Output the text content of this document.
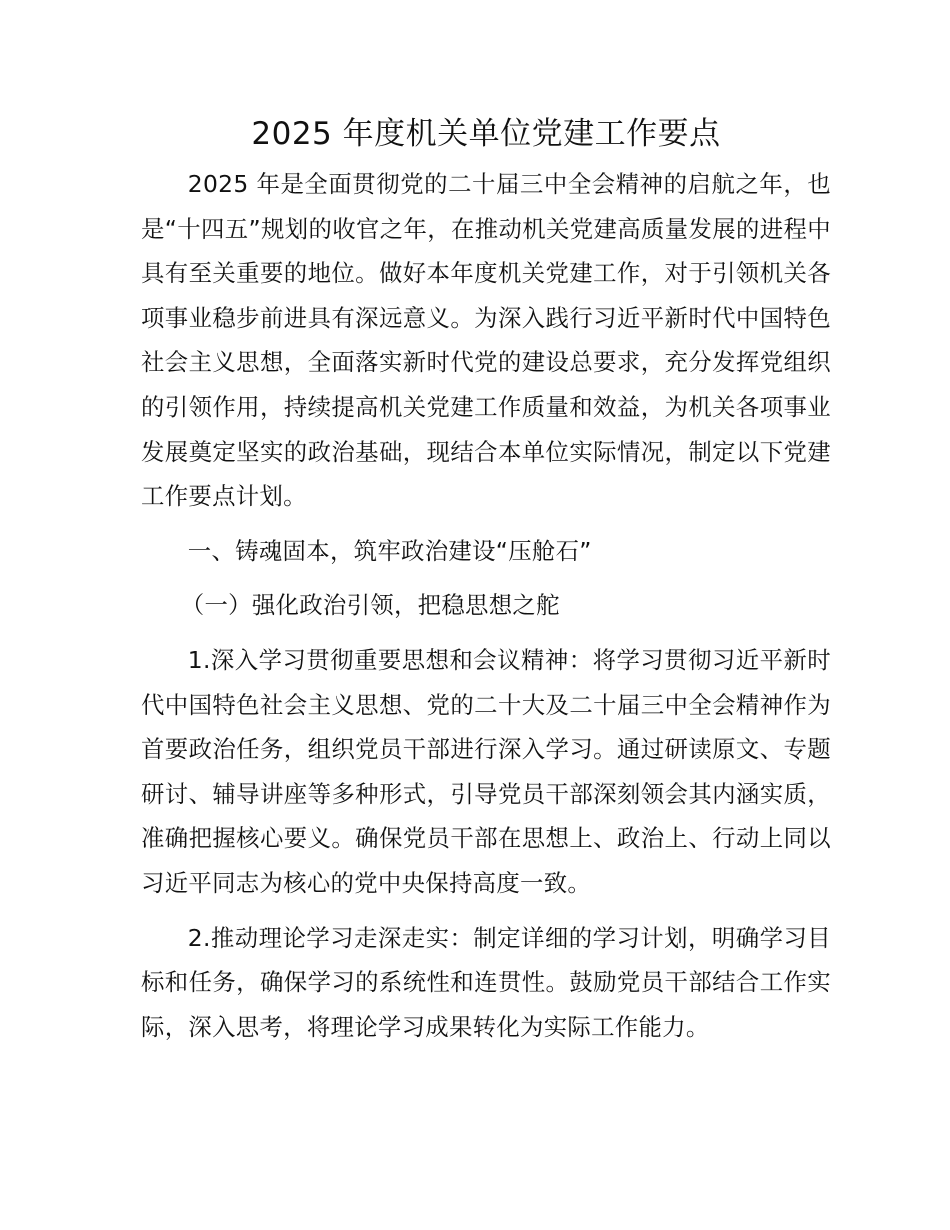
2025 年度机关单位党建工作要点

2025 年是全面贯彻党的二十届三中全会精神的启航之年，也是“十四五”规划的收官之年，在推动机关党建高质量发展的进程中具有至关重要的地位。做好本年度机关党建工作，对于引领机关各项事业稳步前进具有深远意义。为深入践行习近平新时代中国特色社会主义思想，全面落实新时代党的建设总要求，充分发挥党组织的引领作用，持续提高机关党建工作质量和效益，为机关各项事业发展奠定坚实的政治基础，现结合本单位实际情况，制定以下党建工作要点计划。

一、铸魂固本，筑牢政治建设“压舱石”

（一）强化政治引领，把稳思想之舵

1.深入学习贯彻重要思想和会议精神：将学习贯彻习近平新时代中国特色社会主义思想、党的二十大及二十届三中全会精神作为首要政治任务，组织党员干部进行深入学习。通过研读原文、专题研讨、辅导讲座等多种形式，引导党员干部深刻领会其内涵实质，准确把握核心要义。确保党员干部在思想上、政治上、行动上同以习近平同志为核心的党中央保持高度一致。

2.推动理论学习走深走实：制定详细的学习计划，明确学习目标和任务，确保学习的系统性和连贯性。鼓励党员干部结合工作实际，深入思考，将理论学习成果转化为实际工作能力。
